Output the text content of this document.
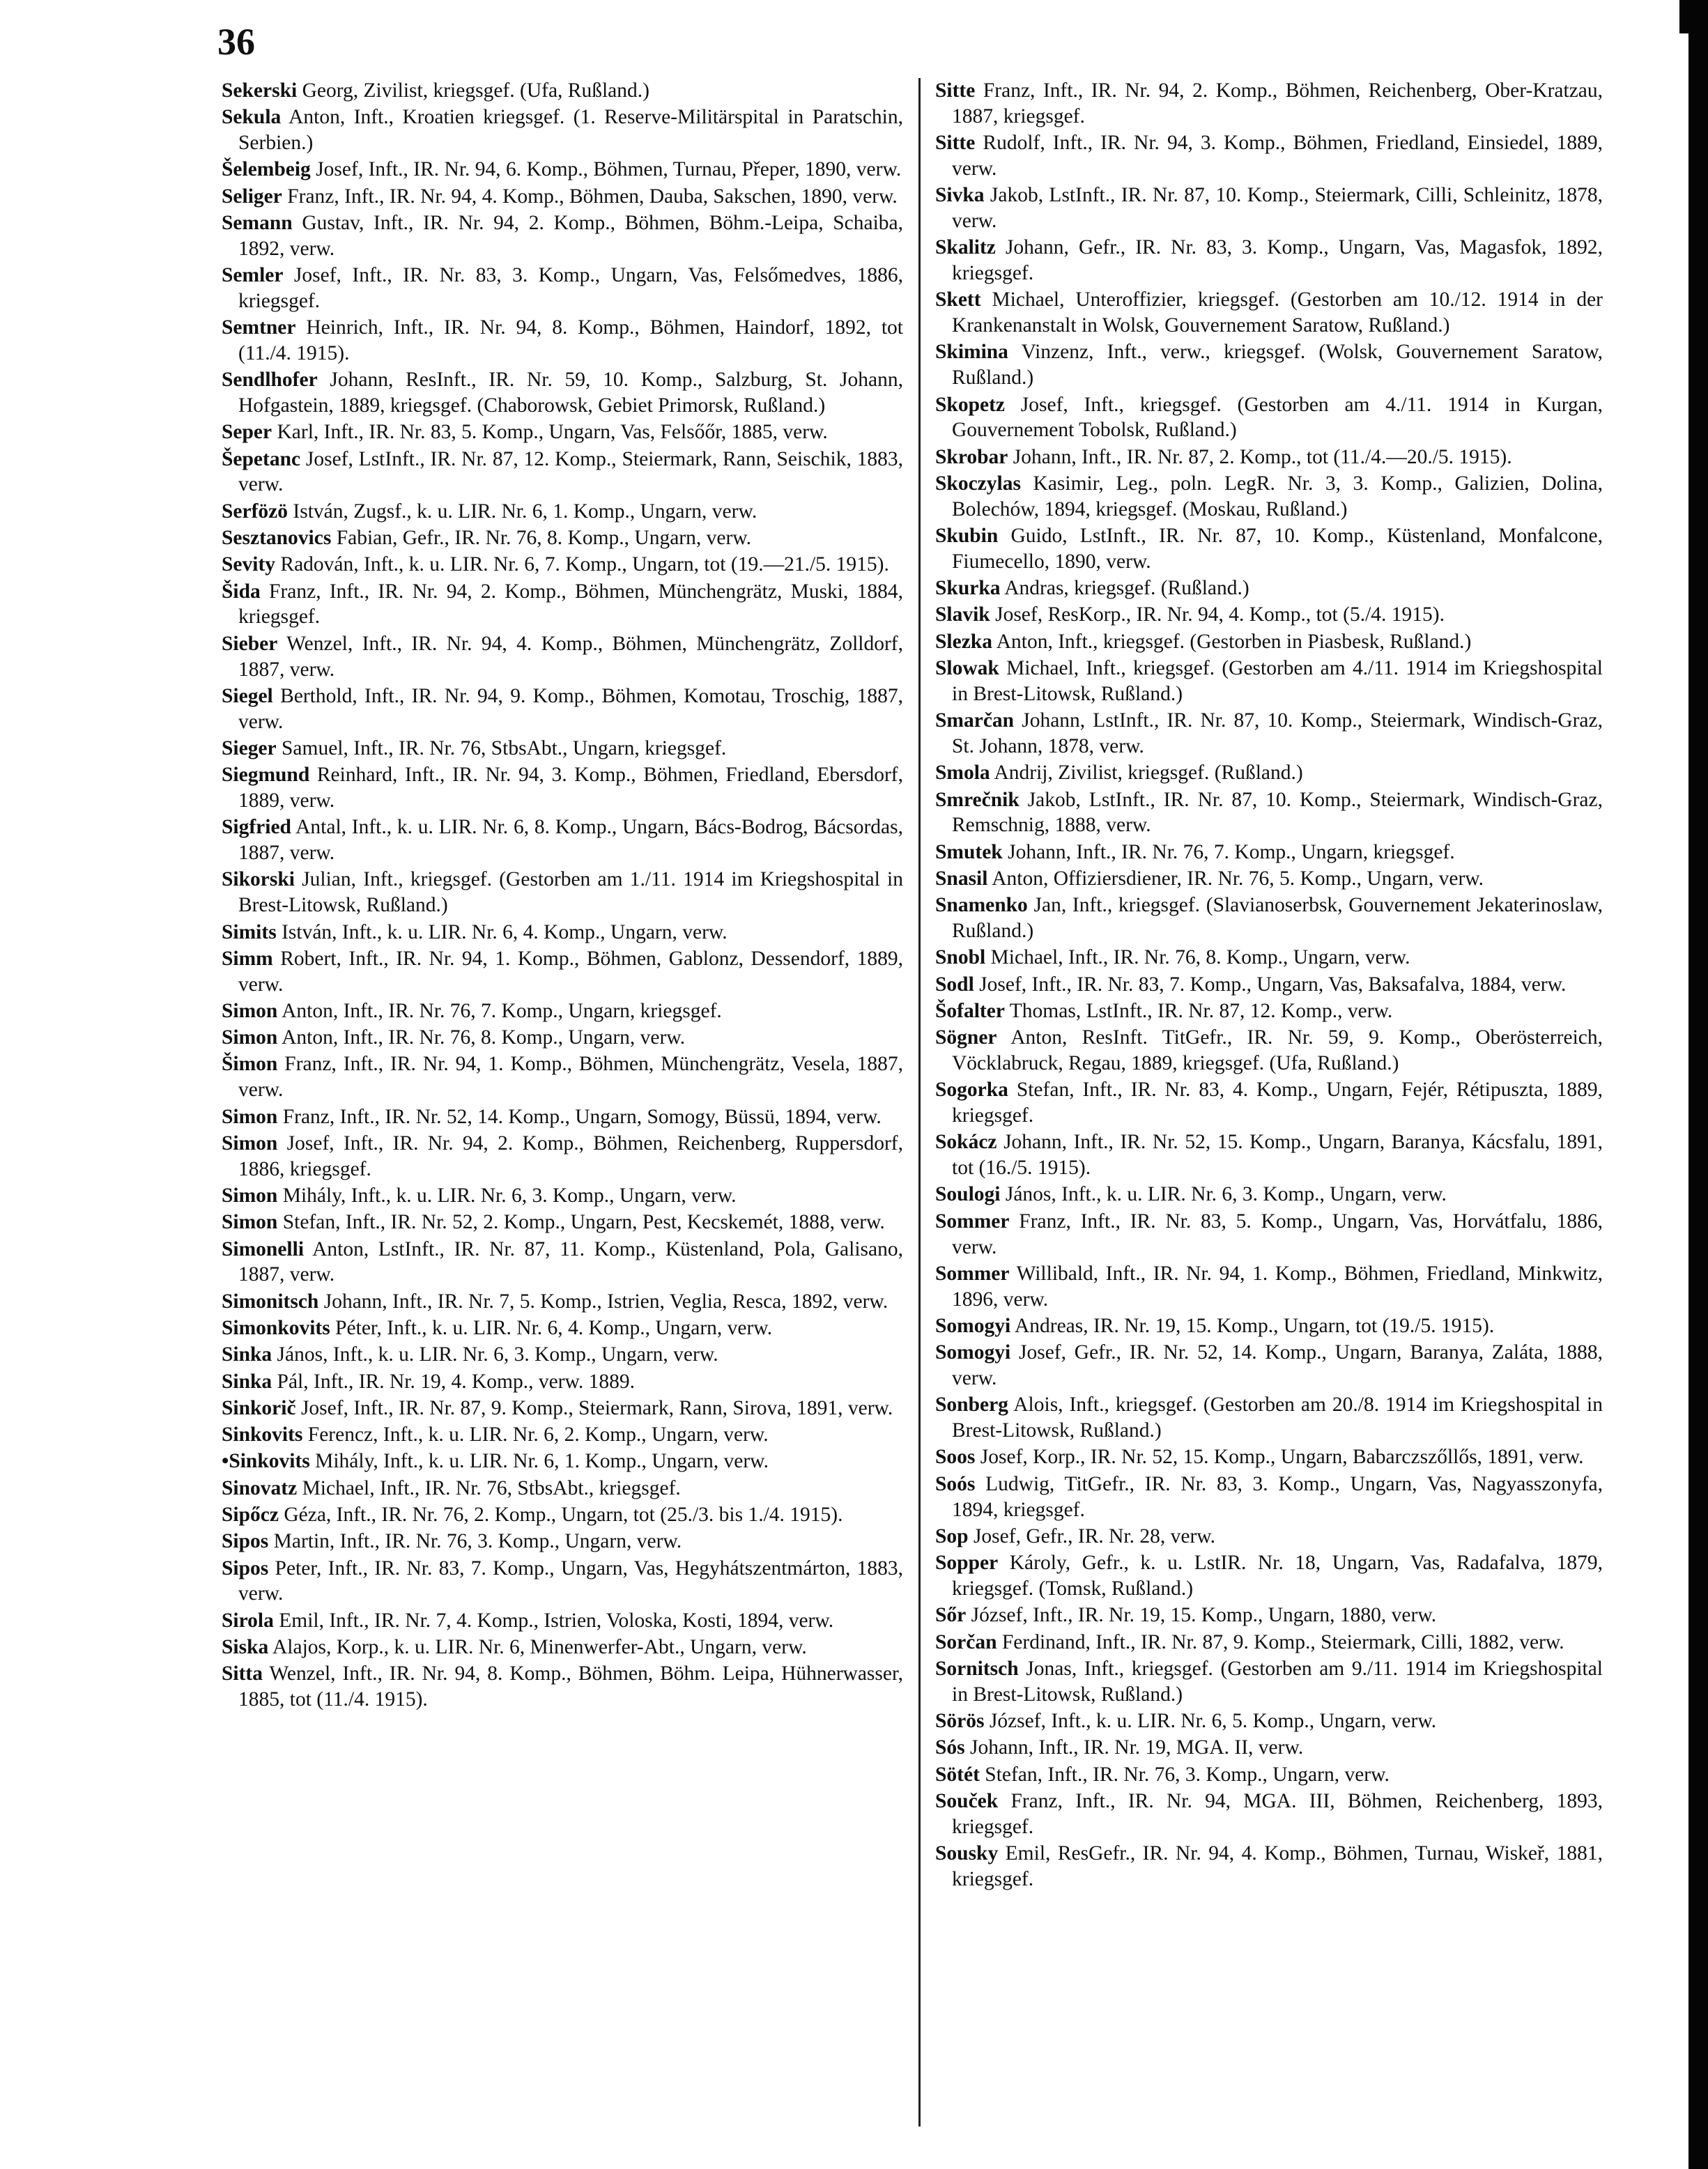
36

Sekerski Georg, Zivilist, kriegsgef. (Ufa, Rußland.)

Sekula Anton, Inft., Kroatien kriegsgef. (1. Reserve-Militärspital in Paratschin, Serbien.)

Šelembeig Josef, Inft., IR. Nr. 94, 6. Komp., Böhmen, Turnau, Přeper, 1890, verw.

Seliger Franz, Inft., IR. Nr. 94, 4. Komp., Böhmen, Dauba, Sakschen, 1890, verw.

Semann Gustav, Inft., IR. Nr. 94, 2. Komp., Böhmen, Böhm.-Leipa, Schaiba, 1892, verw.

Semler Josef, Inft., IR. Nr. 83, 3. Komp., Ungarn, Vas, Felsőmedves, 1886, kriegsgef.

Semtner Heinrich, Inft., IR. Nr. 94, 8. Komp., Böhmen, Haindorf, 1892, tot (11./4. 1915).

Sendlhofer Johann, ResInft., IR. Nr. 59, 10. Komp., Salzburg, St. Johann, Hofgastein, 1889, kriegsgef. (Chaborowsk, Gebiet Primorsk, Rußland.)

Seper Karl, Inft., IR. Nr. 83, 5. Komp., Ungarn, Vas, Felsőőr, 1885, verw.

Šepetanc Josef, LstInft., IR. Nr. 87, 12. Komp., Steiermark, Rann, Seischik, 1883, verw.

Serfözö István, Zugsf., k. u. LIR. Nr. 6, 1. Komp., Ungarn, verw.

Sesztanovics Fabian, Gefr., IR. Nr. 76, 8. Komp., Ungarn, verw.

Sevity Radován, Inft., k. u. LIR. Nr. 6, 7. Komp., Ungarn, tot (19.—21./5. 1915).

Šida Franz, Inft., IR. Nr. 94, 2. Komp., Böhmen, Münchengrätz, Muski, 1884, kriegsgef.

Sieber Wenzel, Inft., IR. Nr. 94, 4. Komp., Böhmen, Münchengrätz, Zolldorf, 1887, verw.

Siegel Berthold, Inft., IR. Nr. 94, 9. Komp., Böhmen, Komotau, Troschig, 1887, verw.

Sieger Samuel, Inft., IR. Nr. 76, StbsAbt., Ungarn, kriegsgef.

Siegmund Reinhard, Inft., IR. Nr. 94, 3. Komp., Böhmen, Friedland, Ebersdorf, 1889, verw.

Sigfried Antal, Inft., k. u. LIR. Nr. 6, 8. Komp., Ungarn, Bács-Bodrog, Bácsordas, 1887, verw.

Sikorski Julian, Inft., kriegsgef. (Gestorben am 1./11. 1914 im Kriegshospital in Brest-Litowsk, Rußland.)

Simits István, Inft., k. u. LIR. Nr. 6, 4. Komp., Ungarn, verw.

Simm Robert, Inft., IR. Nr. 94, 1. Komp., Böhmen, Gablonz, Dessendorf, 1889, verw.

Simon Anton, Inft., IR. Nr. 76, 7. Komp., Ungarn, kriegsgef.

Simon Anton, Inft., IR. Nr. 76, 8. Komp., Ungarn, verw.

Šimon Franz, Inft., IR. Nr. 94, 1. Komp., Böhmen, Münchengrätz, Vesela, 1887, verw.

Simon Franz, Inft., IR. Nr. 52, 14. Komp., Ungarn, Somogy, Büssü, 1894, verw.

Simon Josef, Inft., IR. Nr. 94, 2. Komp., Böhmen, Reichenberg, Ruppersdorf, 1886, kriegsgef.

Simon Mihály, Inft., k. u. LIR. Nr. 6, 3. Komp., Ungarn, verw.

Simon Stefan, Inft., IR. Nr. 52, 2. Komp., Ungarn, Pest, Kecskemét, 1888, verw.

Simonelli Anton, LstInft., IR. Nr. 87, 11. Komp., Küstenland, Pola, Galisano, 1887, verw.

Simonitsch Johann, Inft., IR. Nr. 7, 5. Komp., Istrien, Veglia, Resca, 1892, verw.

Simonkovits Péter, Inft., k. u. LIR. Nr. 6, 4. Komp., Ungarn, verw.

Sinka János, Inft., k. u. LIR. Nr. 6, 3. Komp., Ungarn, verw.

Sinka Pál, Inft., IR. Nr. 19, 4. Komp., verw. 1889.

Sinkorič Josef, Inft., IR. Nr. 87, 9. Komp., Steiermark, Rann, Sirova, 1891, verw.

Sinkovits Ferencz, Inft., k. u. LIR. Nr. 6, 2. Komp., Ungarn, verw.

•Sinkovits Mihály, Inft., k. u. LIR. Nr. 6, 1. Komp., Ungarn, verw.

Sinovatz Michael, Inft., IR. Nr. 76, StbsAbt., kriegsgef.

Sipőcz Géza, Inft., IR. Nr. 76, 2. Komp., Ungarn, tot (25./3. bis 1./4. 1915).

Sipos Martin, Inft., IR. Nr. 76, 3. Komp., Ungarn, verw.

Sipos Peter, Inft., IR. Nr. 83, 7. Komp., Ungarn, Vas, Hegyhátszentmárton, 1883, verw.

Sirola Emil, Inft., IR. Nr. 7, 4. Komp., Istrien, Voloska, Kosti, 1894, verw.

Siska Alajos, Korp., k. u. LIR. Nr. 6, Minenwerfer-Abt., Ungarn, verw.

Sitta Wenzel, Inft., IR. Nr. 94, 8. Komp., Böhmen, Böhm. Leipa, Hühnerwasser, 1885, tot (11./4. 1915).

Sitte Franz, Inft., IR. Nr. 94, 2. Komp., Böhmen, Reichenberg, Ober-Kratzau, 1887, kriegsgef.

Sitte Rudolf, Inft., IR. Nr. 94, 3. Komp., Böhmen, Friedland, Einsiedel, 1889, verw.

Sivka Jakob, LstInft., IR. Nr. 87, 10. Komp., Steiermark, Cilli, Schleinitz, 1878, verw.

Skalitz Johann, Gefr., IR. Nr. 83, 3. Komp., Ungarn, Vas, Magasfok, 1892, kriegsgef.

Skett Michael, Unteroffizier, kriegsgef. (Gestorben am 10./12. 1914 in der Krankenanstalt in Wolsk, Gouvernement Saratow, Rußland.)

Skimina Vinzenz, Inft., verw., kriegsgef. (Wolsk, Gouvernement Saratow, Rußland.)

Skopetz Josef, Inft., kriegsgef. (Gestorben am 4./11. 1914 in Kurgan, Gouvernement Tobolsk, Rußland.)

Skrobar Johann, Inft., IR. Nr. 87, 2. Komp., tot (11./4.—20./5. 1915).

Skoczylas Kasimir, Leg., poln. LegR. Nr. 3, 3. Komp., Galizien, Dolina, Bolechów, 1894, kriegsgef. (Moskau, Rußland.)

Skubin Guido, LstInft., IR. Nr. 87, 10. Komp., Küstenland, Monfalcone, Fiumecello, 1890, verw.

Skurka Andras, kriegsgef. (Rußland.)

Slavik Josef, ResKorp., IR. Nr. 94, 4. Komp., tot (5./4. 1915).

Slezka Anton, Inft., kriegsgef. (Gestorben in Piasbesk, Rußland.)

Slowak Michael, Inft., kriegsgef. (Gestorben am 4./11. 1914 im Kriegshospital in Brest-Litowsk, Rußland.)

Smarčan Johann, LstInft., IR. Nr. 87, 10. Komp., Steiermark, Windisch-Graz, St. Johann, 1878, verw.

Smola Andrij, Zivilist, kriegsgef. (Rußland.)

Smrečnik Jakob, LstInft., IR. Nr. 87, 10. Komp., Steiermark, Windisch-Graz, Remschnig, 1888, verw.

Smutek Johann, Inft., IR. Nr. 76, 7. Komp., Ungarn, kriegsgef.

Snasil Anton, Offiziersdiener, IR. Nr. 76, 5. Komp., Ungarn, verw.

Snamenko Jan, Inft., kriegsgef. (Slavianoserbsk, Gouvernement Jekaterinoslaw, Rußland.)

Snobl Michael, Inft., IR. Nr. 76, 8. Komp., Ungarn, verw.

Sodl Josef, Inft., IR. Nr. 83, 7. Komp., Ungarn, Vas, Baksafalva, 1884, verw.

Šofalter Thomas, LstInft., IR. Nr. 87, 12. Komp., verw.

Sögner Anton, ResInft. TitGefr., IR. Nr. 59, 9. Komp., Oberösterreich, Vöcklabruck, Regau, 1889, kriegsgef. (Ufa, Rußland.)

Sogorka Stefan, Inft., IR. Nr. 83, 4. Komp., Ungarn, Fejér, Rétipuszta, 1889, kriegsgef.

Sokácz Johann, Inft., IR. Nr. 52, 15. Komp., Ungarn, Baranya, Kácsfalu, 1891, tot (16./5. 1915).

Soulogi János, Inft., k. u. LIR. Nr. 6, 3. Komp., Ungarn, verw.

Sommer Franz, Inft., IR. Nr. 83, 5. Komp., Ungarn, Vas, Horvátfalu, 1886, verw.

Sommer Willibald, Inft., IR. Nr. 94, 1. Komp., Böhmen, Friedland, Minkwitz, 1896, verw.

Somogyi Andreas, IR. Nr. 19, 15. Komp., Ungarn, tot (19./5. 1915).

Somogyi Josef, Gefr., IR. Nr. 52, 14. Komp., Ungarn, Baranya, Zaláta, 1888, verw.

Sonberg Alois, Inft., kriegsgef. (Gestorben am 20./8. 1914 im Kriegshospital in Brest-Litowsk, Rußland.)

Soos Josef, Korp., IR. Nr. 52, 15. Komp., Ungarn, Babarczszőllős, 1891, verw.

Soós Ludwig, TitGefr., IR. Nr. 83, 3. Komp., Ungarn, Vas, Nagyasszonyfa, 1894, kriegsgef.

Sop Josef, Gefr., IR. Nr. 28, verw.

Sopper Károly, Gefr., k. u. LstIR. Nr. 18, Ungarn, Vas, Radafalva, 1879, kriegsgef. (Tomsk, Rußland.)

Sőr József, Inft., IR. Nr. 19, 15. Komp., Ungarn, 1880, verw.

Sorčan Ferdinand, Inft., IR. Nr. 87, 9. Komp., Steiermark, Cilli, 1882, verw.

Sornitsch Jonas, Inft., kriegsgef. (Gestorben am 9./11. 1914 im Kriegshospital in Brest-Litowsk, Rußland.)

Sörös József, Inft., k. u. LIR. Nr. 6, 5. Komp., Ungarn, verw.

Sós Johann, Inft., IR. Nr. 19, MGA. II, verw.

Sötét Stefan, Inft., IR. Nr. 76, 3. Komp., Ungarn, verw.

Souček Franz, Inft., IR. Nr. 94, MGA. III, Böhmen, Reichenberg, 1893, kriegsgef.

Sousky Emil, ResGefr., IR. Nr. 94, 4. Komp., Böhmen, Turnau, Wiskeř, 1881, kriegsgef.
